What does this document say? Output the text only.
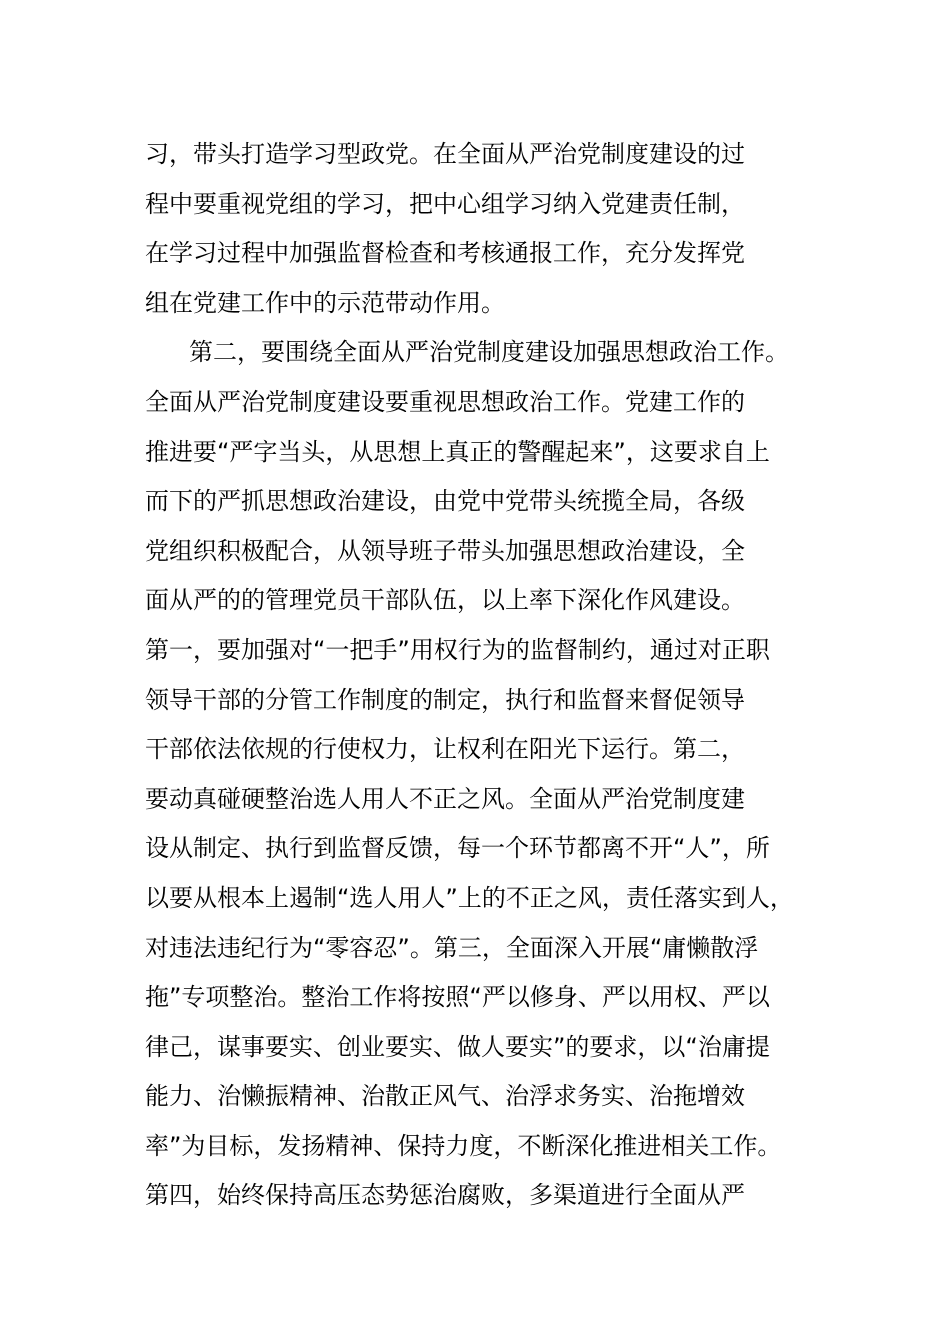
习，带头打造学习型政党。在全面从严治党制度建设的过
程中要重视党组的学习，把中心组学习纳入党建责任制，
在学习过程中加强监督检查和考核通报工作，充分发挥党
组在党建工作中的示范带动作用。
第二，要围绕全面从严治党制度建设加强思想政治工作。
全面从严治党制度建设要重视思想政治工作。党建工作的
推进要“严字当头，从思想上真正的警醒起来”，这要求自上
而下的严抓思想政治建设，由党中党带头统揽全局，各级
党组织积极配合，从领导班子带头加强思想政治建设，全
面从严的的管理党员干部队伍，以上率下深化作风建设。
第一，要加强对“一把手”用权行为的监督制约，通过对正职
领导干部的分管工作制度的制定，执行和监督来督促领导
干部依法依规的行使权力，让权利在阳光下运行。第二，
要动真碰硬整治选人用人不正之风。全面从严治党制度建
设从制定、执行到监督反馈，每一个环节都离不开“人”，所
以要从根本上遏制“选人用人”上的不正之风，责任落实到人，
对违法违纪行为“零容忍”。第三，全面深入开展“庸懒散浮
拖”专项整治。整治工作将按照“严以修身、严以用权、严以
律己，谋事要实、创业要实、做人要实”的要求，以“治庸提
能力、治懒振精神、治散正风气、治浮求务实、治拖增效
率”为目标，发扬精神、保持力度，不断深化推进相关工作。
第四，始终保持高压态势惩治腐败，多渠道进行全面从严
